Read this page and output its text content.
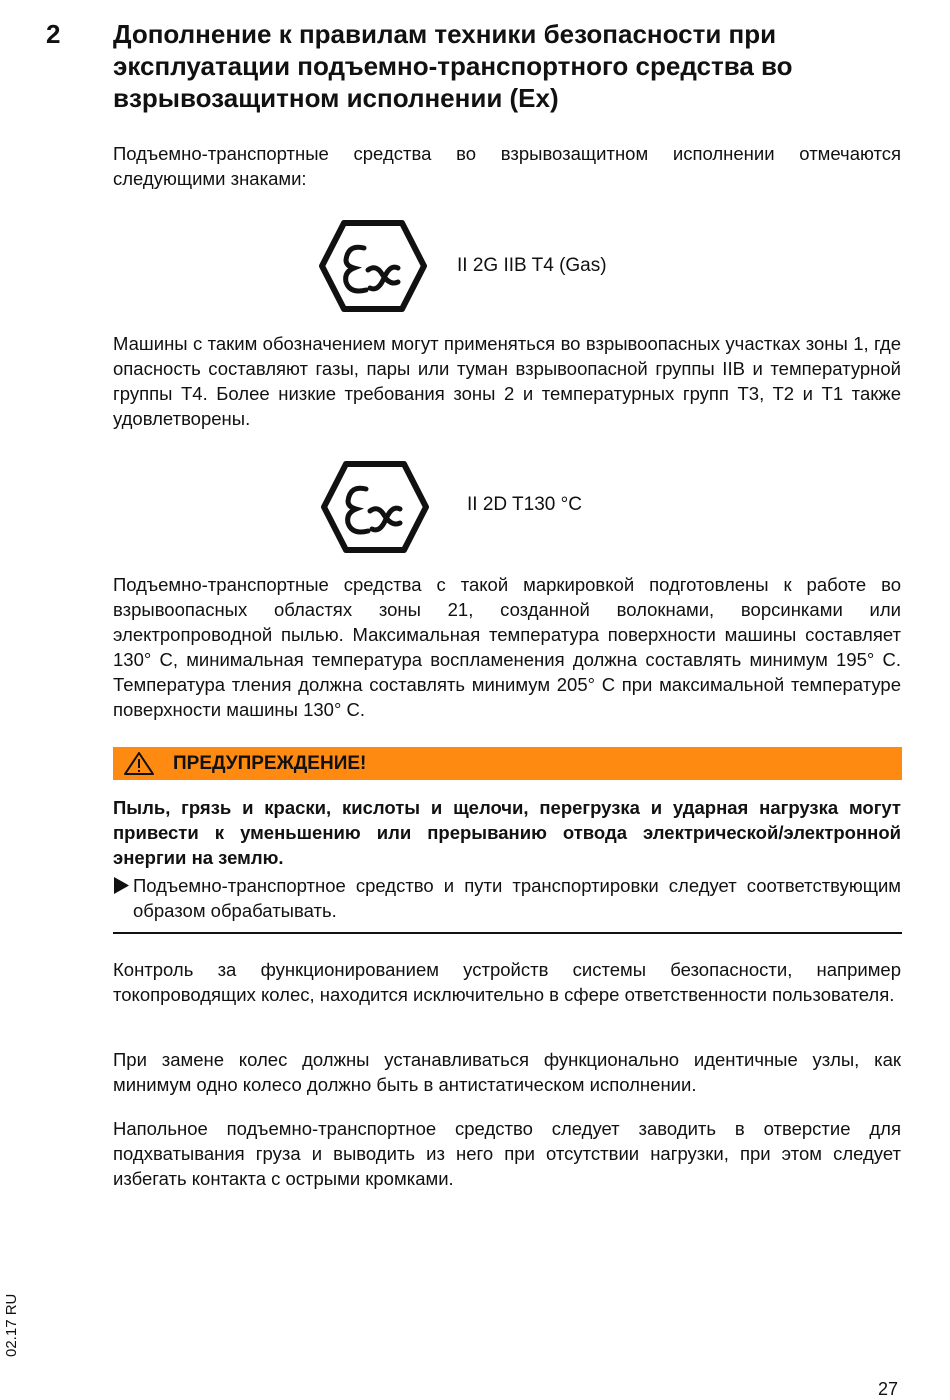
2 Дополнение к правилам техники безопасности при эксплуатации подъемно-транспортного средства во взрывозащитном исполнении (Ex)

Подъемно-транспортные средства во взрывозащитном исполнении отмечаются следующими знаками:

II 2G IIB T4 (Gas)

Машины с таким обозначением могут применяться во взрывоопасных участках зоны 1, где опасность составляют газы, пары или туман взрывоопасной группы IIB и температурной группы T4. Более низкие требования зоны 2 и температурных групп T3, T2 и T1 также удовлетворены.

II 2D T130 °C

Подъемно-транспортные средства с такой маркировкой подготовлены к работе во взрывоопасных областях зоны 21, созданной волокнами, ворсинками или электропроводной пылью. Максимальная температура поверхности машины составляет 130° C, минимальная температура воспламенения должна составлять минимум 195° C. Температура тления должна составлять минимум 205° C при максимальной температуре поверхности машины 130° C.

ПРЕДУПРЕЖДЕНИЕ!

Пыль, грязь и краски, кислоты и щелочи, перегрузка и ударная нагрузка могут привести к уменьшению или прерыванию отвода электрической/электронной энергии на землю.

Подъемно-транспортное средство и пути транспортировки следует соответствующим образом обрабатывать.

Контроль за функционированием устройств системы безопасности, например токопроводящих колес, находится исключительно в сфере ответственности пользователя.

При замене колес должны устанавливаться функционально идентичные узлы, как минимум одно колесо должно быть в антистатическом исполнении.

Напольное подъемно-транспортное средство следует заводить в отверстие для подхватывания груза и выводить из него при отсутствии нагрузки, при этом следует избегать контакта с острыми кромками.

02.17 RU
27
